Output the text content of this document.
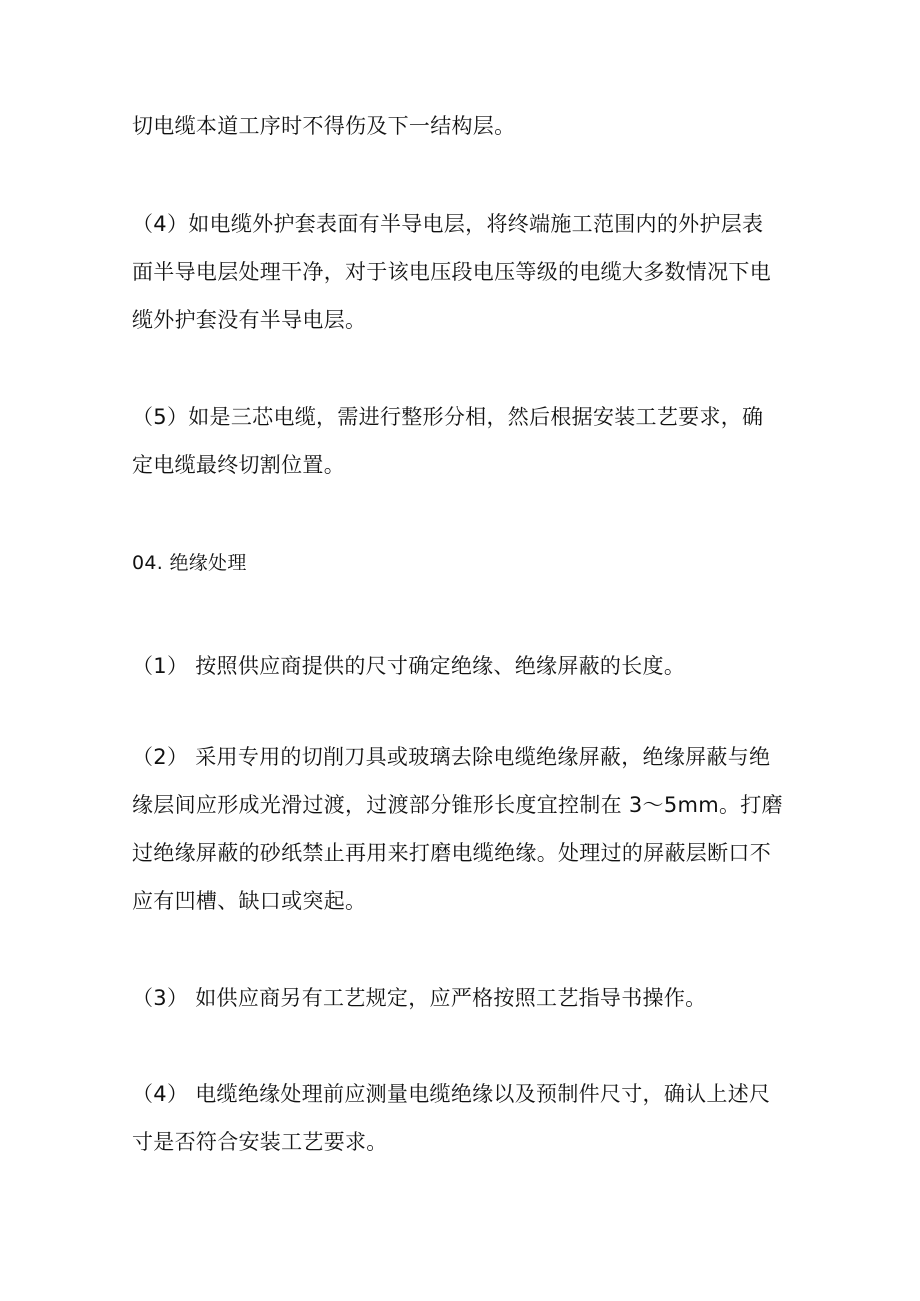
切电缆本道工序时不得伤及下一结构层。

（4）如电缆外护套表面有半导电层，将终端施工范围内的外护层表
面半导电层处理干净，对于该电压段电压等级的电缆大多数情况下电
缆外护套没有半导电层。

（5）如是三芯电缆，需进行整形分相，然后根据安装工艺要求，确
定电缆最终切割位置。

04. 绝缘处理

（1） 按照供应商提供的尺寸确定绝缘、绝缘屏蔽的长度。

（2） 采用专用的切削刀具或玻璃去除电缆绝缘屏蔽，绝缘屏蔽与绝
缘层间应形成光滑过渡，过渡部分锥形长度宜控制在 3～5mm。打磨
过绝缘屏蔽的砂纸禁止再用来打磨电缆绝缘。处理过的屏蔽层断口不
应有凹槽、缺口或突起。

（3） 如供应商另有工艺规定，应严格按照工艺指导书操作。

（4） 电缆绝缘处理前应测量电缆绝缘以及预制件尺寸，确认上述尺
寸是否符合安装工艺要求。
